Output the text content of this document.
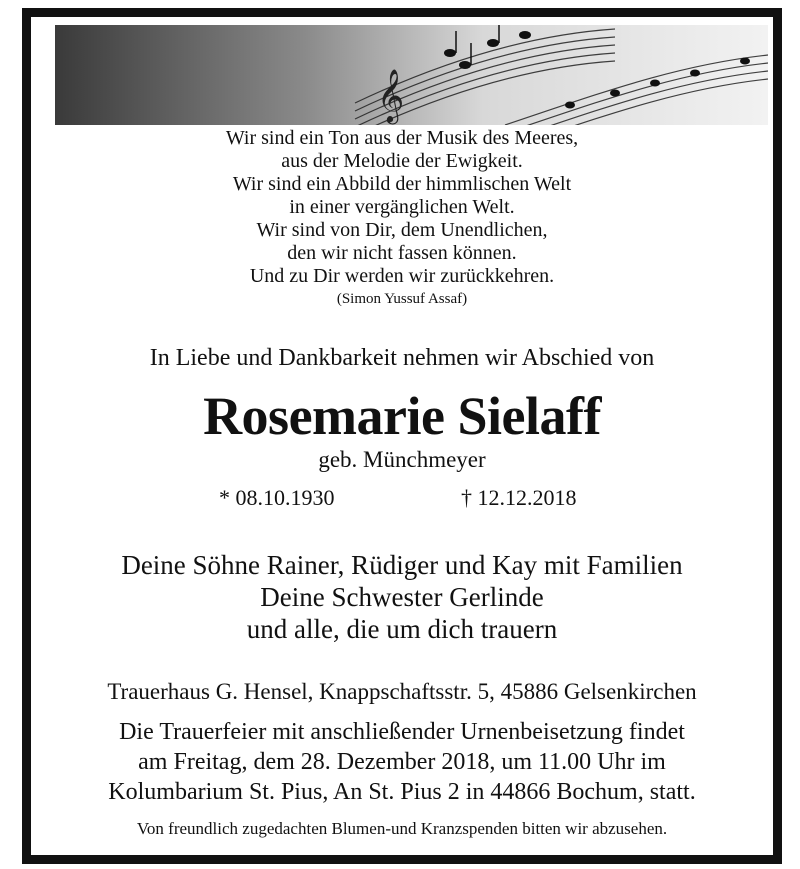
𝄞
Wir sind ein Ton aus der Musik des Meeres,
aus der Melodie der Ewigkeit.
Wir sind ein Abbild der himmlischen Welt
in einer vergänglichen Welt.
Wir sind von Dir, dem Unendlichen,
den wir nicht fassen können.
Und zu Dir werden wir zurückkehren.
(Simon Yussuf Assaf)
In Liebe und Dankbarkeit nehmen wir Abschied von
Rosemarie Sielaff
geb. Münchmeyer
* 08.10.1930	† 12.12.2018
Deine Söhne Rainer, Rüdiger und Kay mit Familien
Deine Schwester Gerlinde
und alle, die um dich trauern
Trauerhaus G. Hensel, Knappschaftsstr. 5, 45886 Gelsenkirchen
Die Trauerfeier mit anschließender Urnenbeisetzung findet
am Freitag, dem 28. Dezember 2018, um 11.00 Uhr im
Kolumbarium St. Pius, An St. Pius 2 in 44866 Bochum, statt.
Von freundlich zugedachten Blumen-und Kranzspenden bitten wir abzusehen.
